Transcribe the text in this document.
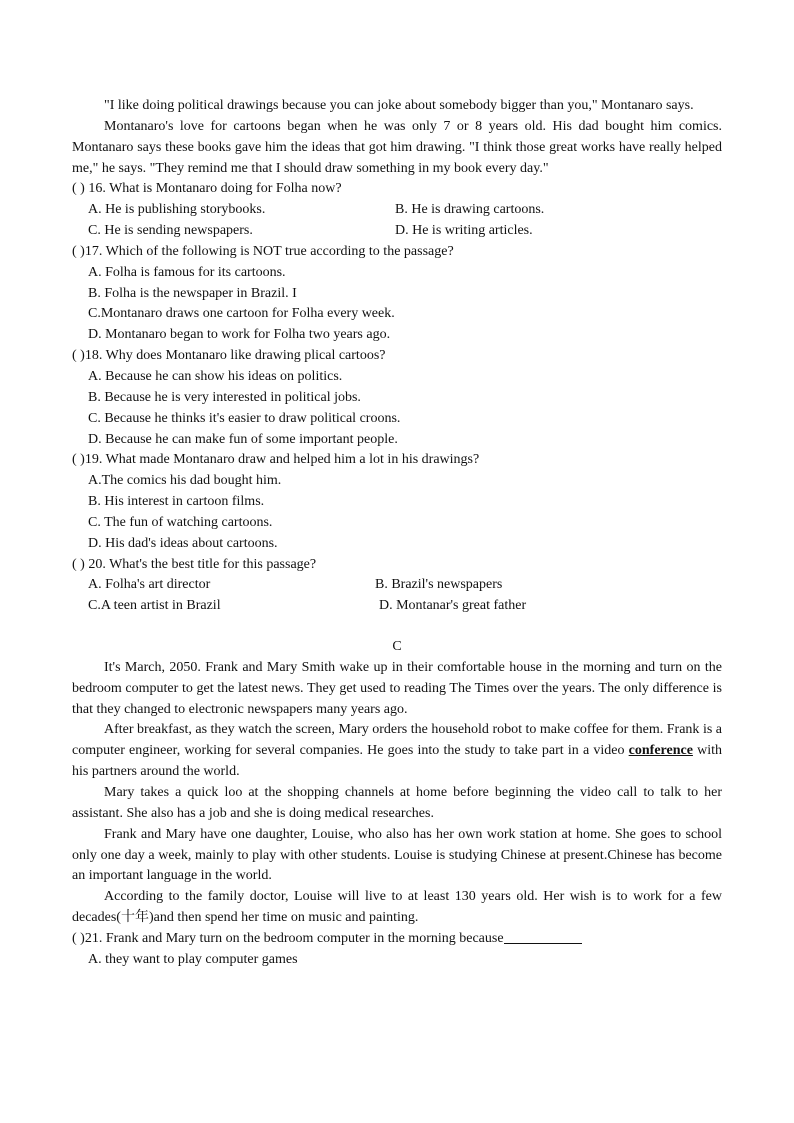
"I like doing political drawings because you can joke about somebody bigger than you," Montanaro says.

Montanaro's love for cartoons began when he was only 7 or 8 years old. His dad bought him comics. Montanaro says these books gave him the ideas that got him drawing. "I think those great works have really helped me," he says. "They remind me that I should draw something in my book every day."

( ) 16. What is Montanaro doing for Folha now?

A. He is publishing storybooks.	B. He is drawing cartoons.
C. He is sending newspapers.	D. He is writing articles.

( )17. Which of the following is NOT true according to the passage?

A. Folha is famous for its cartoons.

B. Folha is the newspaper in Brazil. I

C.Montanaro draws one cartoon for Folha every week.

D. Montanaro began to work for Folha two years ago.

( )18. Why does Montanaro like drawing plical cartoos?

A. Because he can show his ideas on politics.

B. Because he is very interested in political jobs.

C. Because he thinks it's easier to draw political croons.

D. Because he can make fun of some important people.

( )19. What made Montanaro draw and helped him a lot in his drawings?

A.The comics his dad bought him.

B. His interest in cartoon films.

C. The fun of watching cartoons.

D. His dad's ideas about cartoons.

( ) 20. What's the best title for this passage?

A. Folha's art director	B. Brazil's newspapers
C.A teen artist in Brazil	D. Montanar's great father

C

It's March, 2050. Frank and Mary Smith wake up in their comfortable house in the morning and turn on the bedroom computer to get the latest news. They get used to reading The Times over the years. The only difference is that they changed to electronic newspapers many years ago.

After breakfast, as they watch the screen, Mary orders the household robot to make coffee for them. Frank is a computer engineer, working for several companies. He goes into the study to take part in a video conference with his partners around the world.

Mary takes a quick loo at the shopping channels at home before beginning the video call to talk to her assistant. She also has a job and she is doing medical researches.

Frank and Mary have one daughter, Louise, who also has her own work station at home. She goes to school only one day a week, mainly to play with other students. Louise is studying Chinese at present.Chinese has become an important language in the world.

According to the family doctor, Louise will live to at least 130 years old. Her wish is to work for a few decades(十年)and then spend her time on music and painting.

( )21. Frank and Mary turn on the bedroom computer in the morning because

A. they want to play computer games
